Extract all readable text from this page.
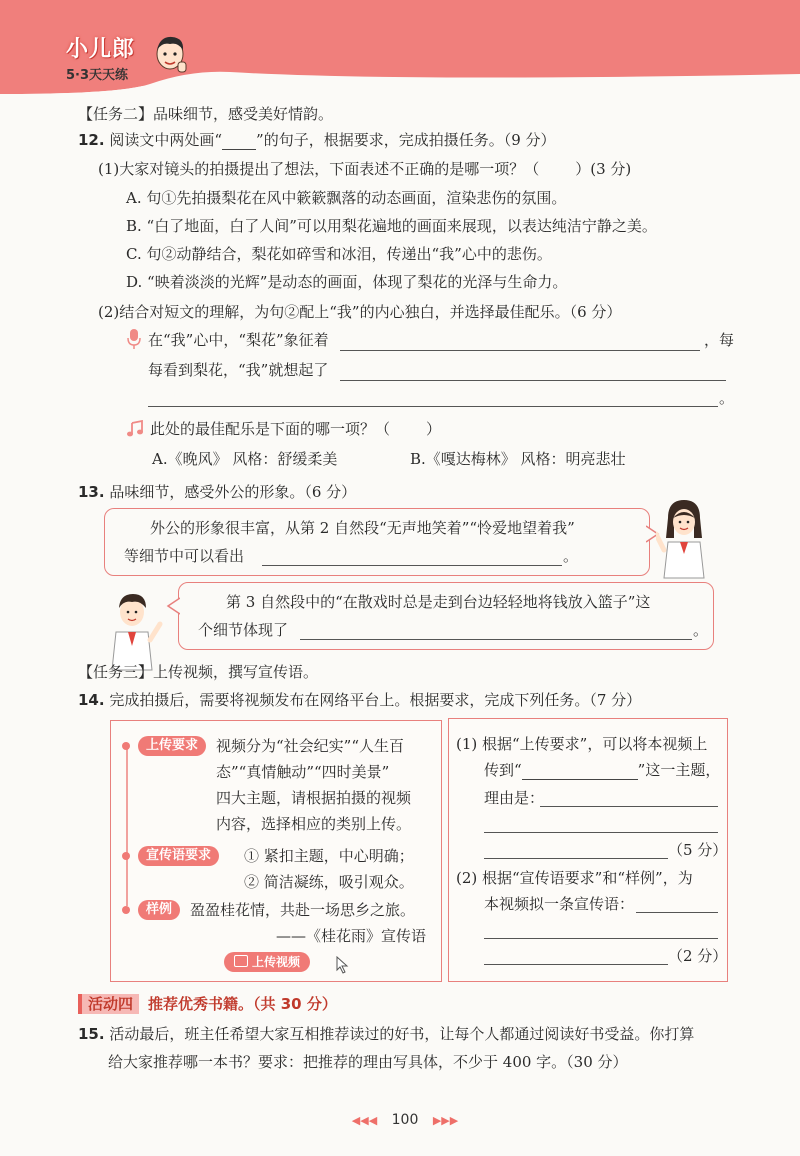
小儿郎
5·3天天练
【任务二】品味细节，感受美好情韵。
12. 阅读文中两处画“ ”的句子，根据要求，完成拍摄任务。（9 分）
(1)大家对镜头的拍摄提出了想法，下面表述不正确的是哪一项？（ ）(3 分)
A. 句①先拍摄梨花在风中簌簌飘落的动态画面，渲染悲伤的氛围。
B. “白了地面，白了人间”可以用梨花遍地的画面来展现，以表达纯洁宁静之美。
C. 句②动静结合，梨花如碎雪和冰泪，传递出“我”心中的悲伤。
D. “映着淡淡的光辉”是动态的画面，体现了梨花的光泽与生命力。
(2)结合对短文的理解，为句②配上“我”的内心独白，并选择最佳配乐。（6 分）
在“我”心中，“梨花”象征着	，每
每看到梨花，“我”就想起了
。
此处的最佳配乐是下面的哪一项？（ ）
A.《晚风》 风格：舒缓柔美	B.《嘎达梅林》 风格：明亮悲壮
13. 品味细节，感受外公的形象。（6 分）
外公的形象很丰富，从第 2 自然段“无声地笑着”“怜爱地望着我”
等细节中可以看出	。
第 3 自然段中的“在散戏时总是走到台边轻轻地将钱放入篮子”这
个细节体现了	。
【任务三】上传视频，撰写宣传语。
14. 完成拍摄后，需要将视频发布在网络平台上。根据要求，完成下列任务。（7 分）
上传要求	视频分为“社会纪实”“人生百
态”“真情触动”“四时美景”
四大主题，请根据拍摄的视频
内容，选择相应的类别上传。
宣传语要求	① 紧扣主题，中心明确；
② 简洁凝练，吸引观众。
样例	盈盈桂花情，共赴一场思乡之旅。
——《桂花雨》宣传语
上传视频
(1) 根据“上传要求”，可以将本视频上
传到“	”这一主题，
理由是：
（5 分）
(2) 根据“宣传语要求”和“样例”，为
本视频拟一条宣传语：
（2 分）
活动四 推荐优秀书籍。（共 30 分）
15. 活动最后，班主任希望大家互相推荐读过的好书，让每个人都通过阅读好书受益。你打算
给大家推荐哪一本书？要求：把推荐的理由写具体，不少于 400 字。（30 分）
◀◀◀ 100 ▶▶▶
